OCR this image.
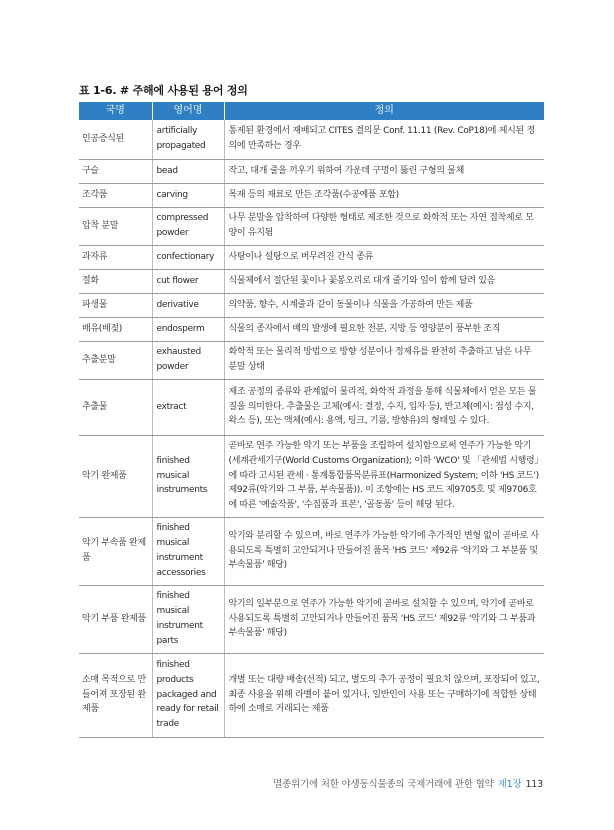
표 1-6. # 주해에 사용된 용어 정의
국명	영어명	정의
인공증식된	artificially propagated	통제된 환경에서 재배되고 CITES 결의문 Conf. 11.11 (Rev. CoP18)에 제시된 정의에 만족하는 경우
구슬	bead	작고, 대개 줄을 끼우기 위하여 가운데 구멍이 뚫린 구형의 물체
조각품	carving	목재 등의 재료로 만든 조각품(수공예품 포함)
압착 분말	compressed powder	나무 분말을 압착하여 다양한 형태로 제조한 것으로 화학적 또는 자연 접착제로 모양이 유지됨
과자류	confectionary	사탕이나 설탕으로 버무려진 간식 종류
절화	cut flower	식물체에서 절단된 꽃이나 꽃봉오리로 대개 줄기와 잎이 함께 달려 있음
파생물	derivative	의약품, 향수, 시계줄과 같이 동물이나 식물을 가공하여 만든 제품
배유(배젖)	endosperm	식물의 종자에서 배의 발생에 필요한 전분, 지방 등 영양분이 풍부한 조직
추출분말	exhausted powder	화학적 또는 물리적 방법으로 방향 성분이나 정제유를 완전히 추출하고 남은 나무 분말 상태
추출물	extract	제조 공정의 종류와 관계없이 물리적, 화학적 과정을 통해 식물체에서 얻은 모든 물질을 의미한다. 추출물은 고체(예시: 결정, 수지, 입자 등), 반고체(예시: 점성 수지, 왁스 등), 또는 액체(예시: 용액, 팅크, 기름, 방향유)의 형태일 수 있다.
악기 완제품	finished musical instruments	곧바로 연주 가능한 악기 또는 부품을 조립하여 설치함으로써 연주가 가능한 악기(세계관세기구(World Customs Organization); 이하 'WCO' 및 「관세법 시행령」에 따라 고시된 관세 · 통계통합품목분류표(Harmonized System; 이하 'HS 코드') 제92류(악기와 그 부품, 부속물품)). 이 조항에는 HS 코드 제9705호 및 제9706호에 따른 '예술작품', '수집품과 표본', '골동품' 등이 해당 된다.
악기 부속품 완제품	finished musical instrument accessories	악기와 분리할 수 있으며, 바로 연주가 가능한 악기에 추가적인 변형 없이 곧바로 사용되도록 특별히 고안되거나 만들어진 품목 'HS 코드' 제92류 '악기와 그 부분품 및 부속물품' 해당)
악기 부품 완제품	finished musical instrument parts	악기의 일부분으로 연주가 가능한 악기에 곧바로 설치할 수 있으며, 악기에 곧바로 사용되도록 특별히 고안되거나 만들어진 품목 'HS 코드' 제92류 '악기와 그 부품과 부속물품' 해당)
소매 목적으로 만들어져 포장된 완제품	finished products packaged and ready for retail trade	개별 또는 대량 배송(선적) 되고, 별도의 추가 공정이 필요치 않으며, 포장되어 있고, 최종 사용을 위해 라벨이 붙어 있거나, 일반인이 사용 또는 구매하기에 적합한 상태 하에 소매로 거래되는 제품
멸종위기에 처한 야생동식물종의 국제거래에 관한 협약 제1장 113
